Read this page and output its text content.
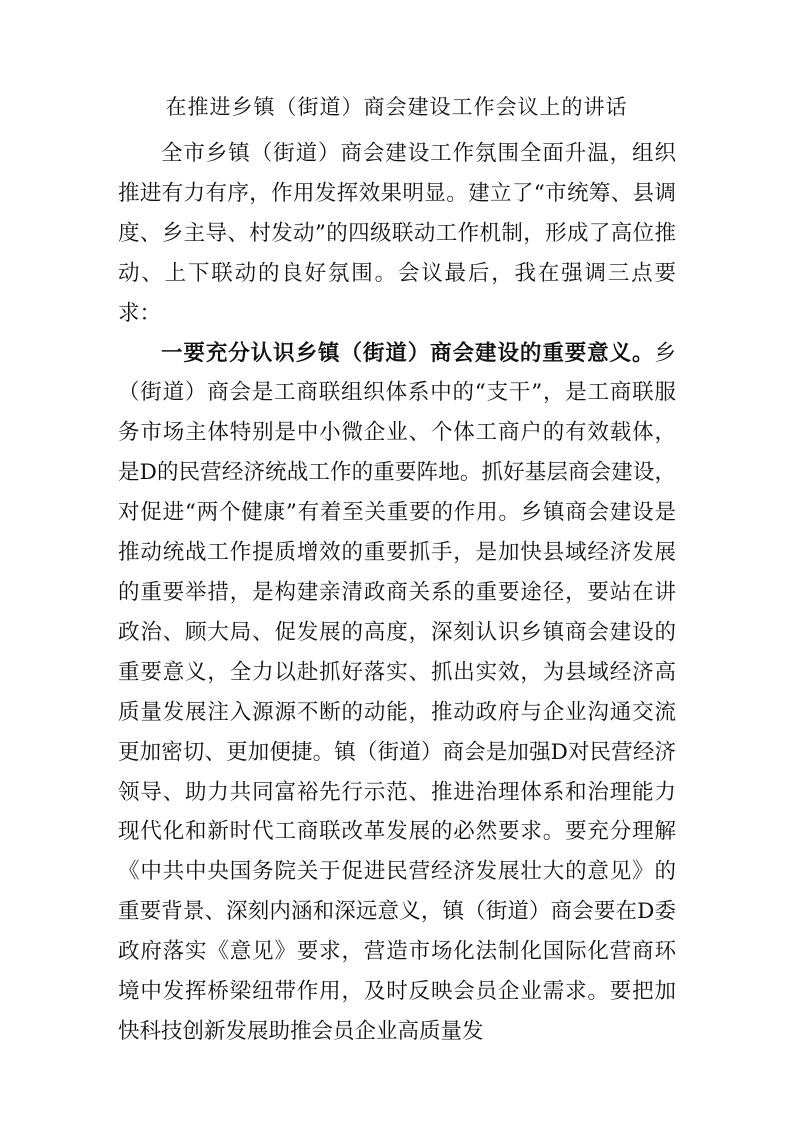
在推进乡镇（街道）商会建设工作会议上的讲话

全市乡镇（街道）商会建设工作氛围全面升温，组织推进有力有序，作用发挥效果明显。建立了“市统筹、县调度、乡主导、村发动”的四级联动工作机制，形成了高位推动、上下联动的良好氛围。会议最后，我在强调三点要求：

一要充分认识乡镇（街道）商会建设的重要意义。乡（街道）商会是工商联组织体系中的“支干”，是工商联服务市场主体特别是中小微企业、个体工商户的有效载体，是D的民营经济统战工作的重要阵地。抓好基层商会建设，对促进“两个健康”有着至关重要的作用。乡镇商会建设是推动统战工作提质增效的重要抓手，是加快县域经济发展的重要举措，是构建亲清政商关系的重要途径，要站在讲政治、顾大局、促发展的高度，深刻认识乡镇商会建设的重要意义，全力以赴抓好落实、抓出实效，为县域经济高质量发展注入源源不断的动能，推动政府与企业沟通交流更加密切、更加便捷。镇（街道）商会是加强D对民营经济领导、助力共同富裕先行示范、推进治理体系和治理能力现代化和新时代工商联改革发展的必然要求。要充分理解《中共中央国务院关于促进民营经济发展壮大的意见》的重要背景、深刻内涵和深远意义，镇（街道）商会要在D委政府落实《意见》要求，营造市场化法制化国际化营商环境中发挥桥梁纽带作用，及时反映会员企业需求。要把加快科技创新发展助推会员企业高质量发
